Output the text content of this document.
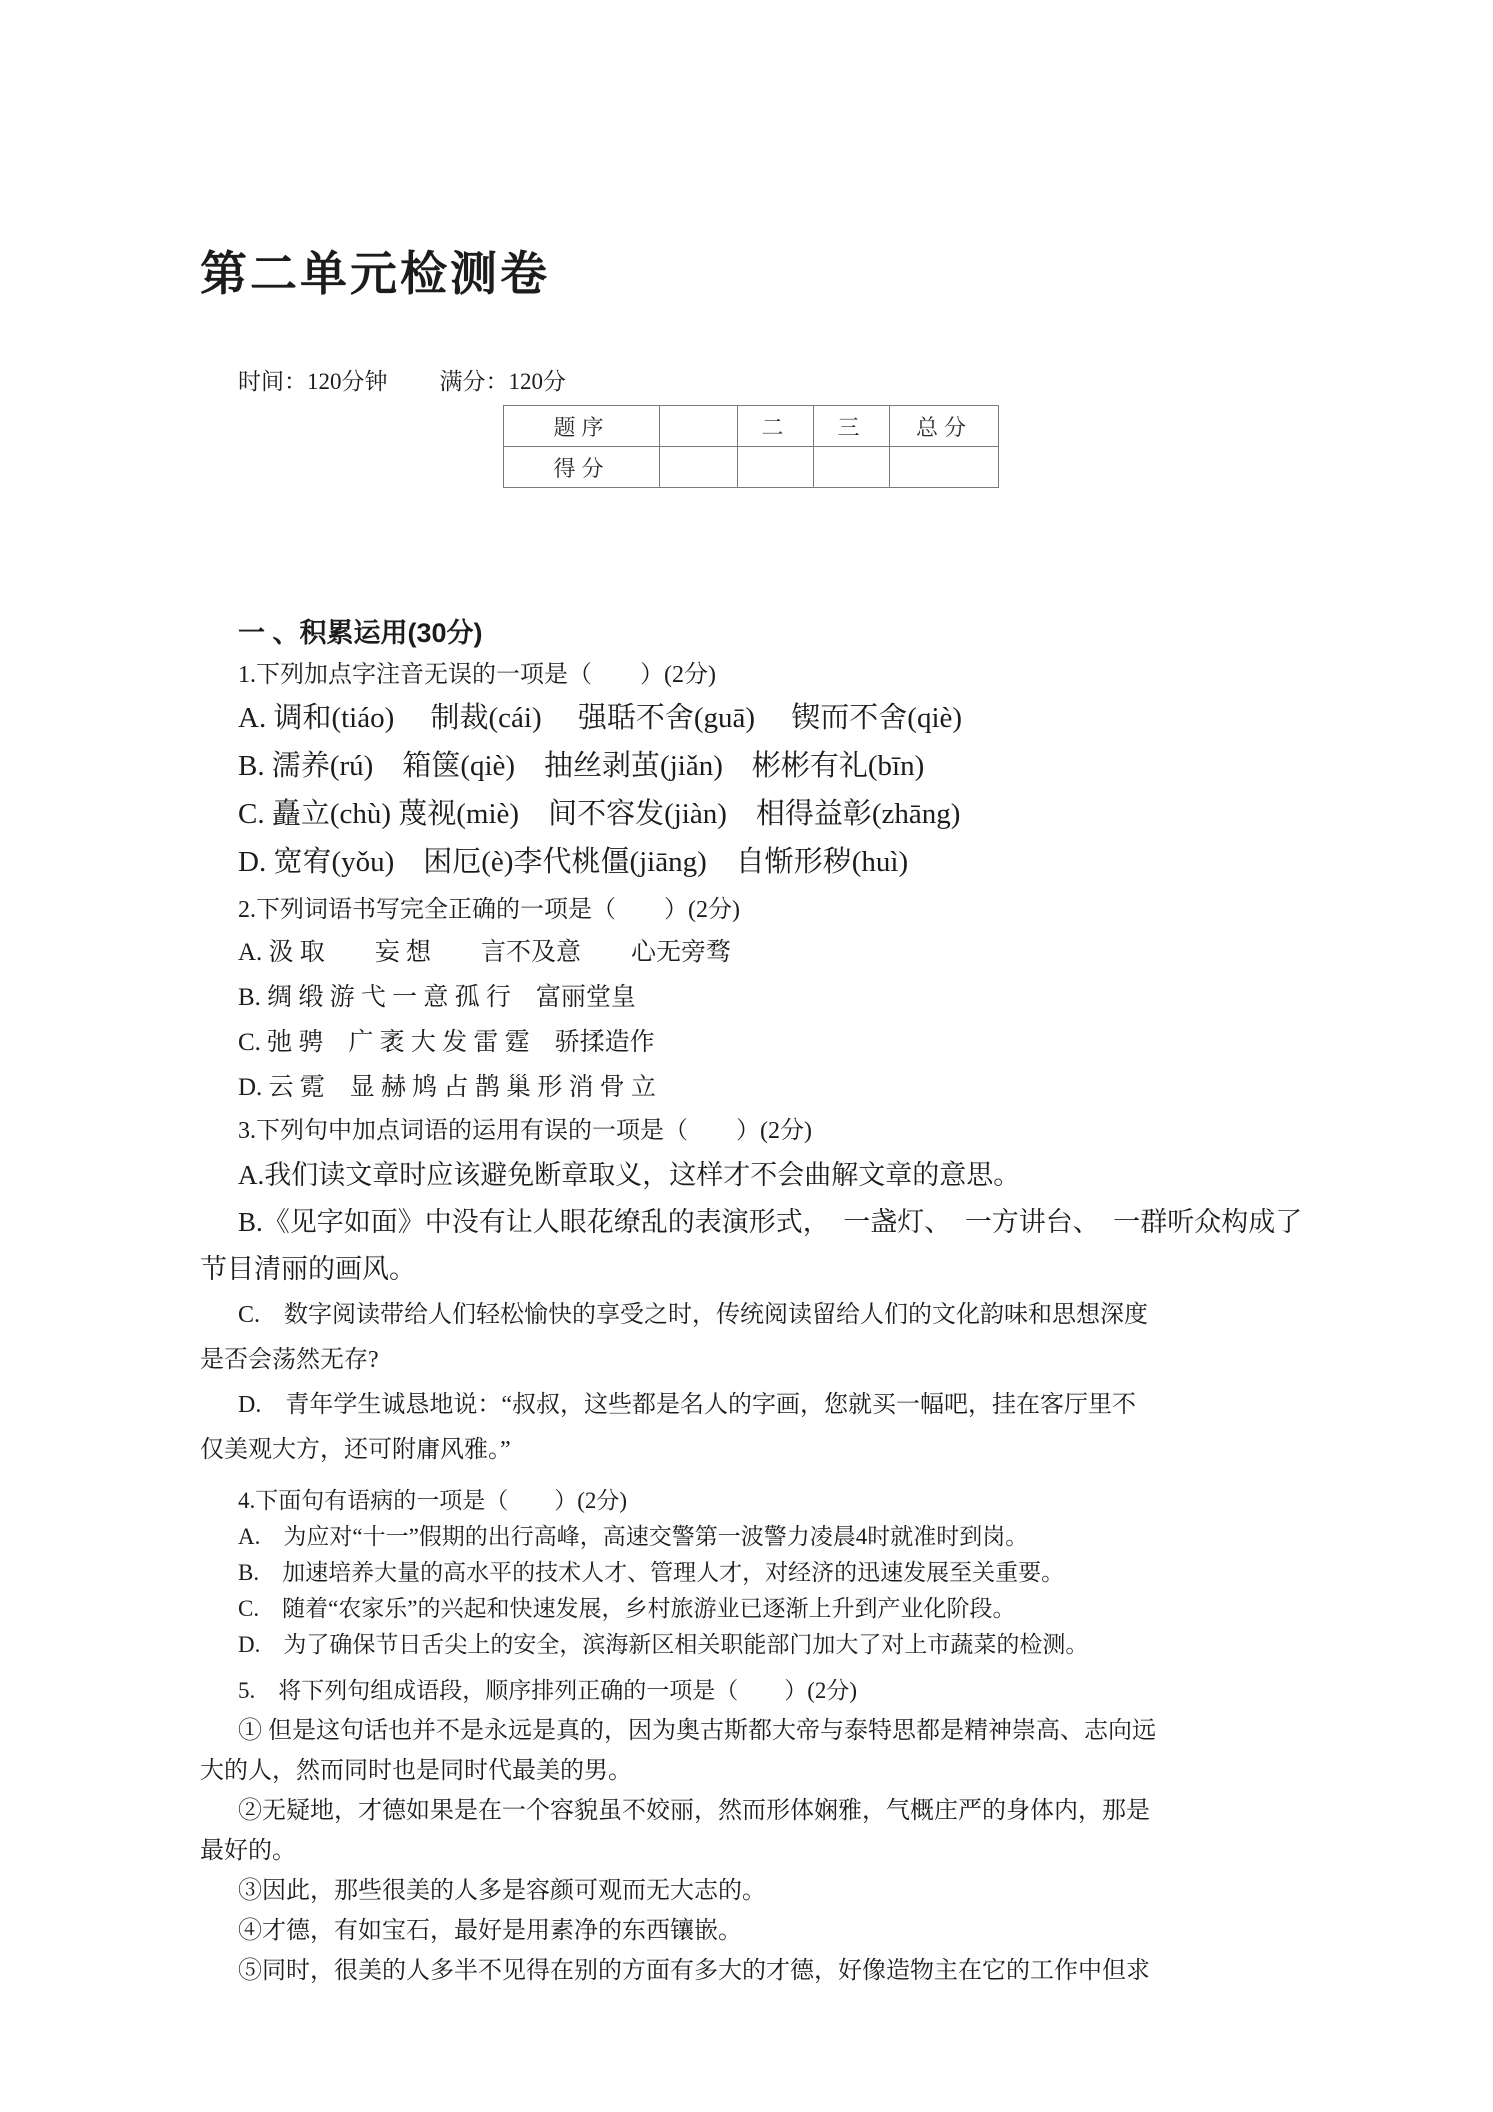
第二单元检测卷

时间：120分钟 满分：120分

题序		二	三	总分
得分				
一 、积累运用(30分)

1.下列加点字注音无误的一项是（　　）(2分)

A. 调和(tiáo)　 制裁(cái)　 强聒不舍(guā)　 锲而不舍(qiè)

B. 濡养(rú)　箱箧(qiè)　抽丝剥茧(jiǎn)　彬彬有礼(bīn)

C. 矗立(chù) 蔑视(miè)　间不容发(jiàn)　相得益彰(zhāng)

D. 宽宥(yǒu)　困厄(è)李代桃僵(jiāng)　自惭形秽(huì)

2.下列词语书写完全正确的一项是（　　）(2分)

A. 汲 取　　妄 想　　言不及意　　心无旁骛

B. 绸 缎 游 弋 一 意 孤 行　富丽堂皇

C. 弛 骋　广 袤 大 发 雷 霆　骄揉造作

D. 云 霓　显 赫 鸠 占 鹊 巢 形 消 骨 立

3.下列句中加点词语的运用有误的一项是（　　）(2分)

A.我们读文章时应该避免断章取义，这样才不会曲解文章的意思。

B.《见字如面》中没有让人眼花缭乱的表演形式，　一盏灯、　一方讲台、　一群听众构成了

节目清丽的画风。

C.　数字阅读带给人们轻松愉快的享受之时，传统阅读留给人们的文化韵味和思想深度

是否会荡然无存?

D.　青年学生诚恳地说：“叔叔，这些都是名人的字画，您就买一幅吧，挂在客厅里不

仅美观大方，还可附庸风雅。”

4.下面句有语病的一项是（　　）(2分)

A.　为应对“十一”假期的出行高峰，高速交警第一波警力凌晨4时就准时到岗。

B.　加速培养大量的高水平的技术人才、管理人才，对经济的迅速发展至关重要。

C.　随着“农家乐”的兴起和快速发展，乡村旅游业已逐渐上升到产业化阶段。

D.　为了确保节日舌尖上的安全，滨海新区相关职能部门加大了对上市蔬菜的检测。

5.　将下列句组成语段，顺序排列正确的一项是（　　）(2分)

① 但是这句话也并不是永远是真的，因为奥古斯都大帝与泰特思都是精神崇高、志向远

大的人，然而同时也是同时代最美的男。

②无疑地，才德如果是在一个容貌虽不姣丽，然而形体娴雅，气概庄严的身体内，那是

最好的。

③因此，那些很美的人多是容颜可观而无大志的。

④才德，有如宝石，最好是用素净的东西镶嵌。

⑤同时，很美的人多半不见得在别的方面有多大的才德，好像造物主在它的工作中但求
